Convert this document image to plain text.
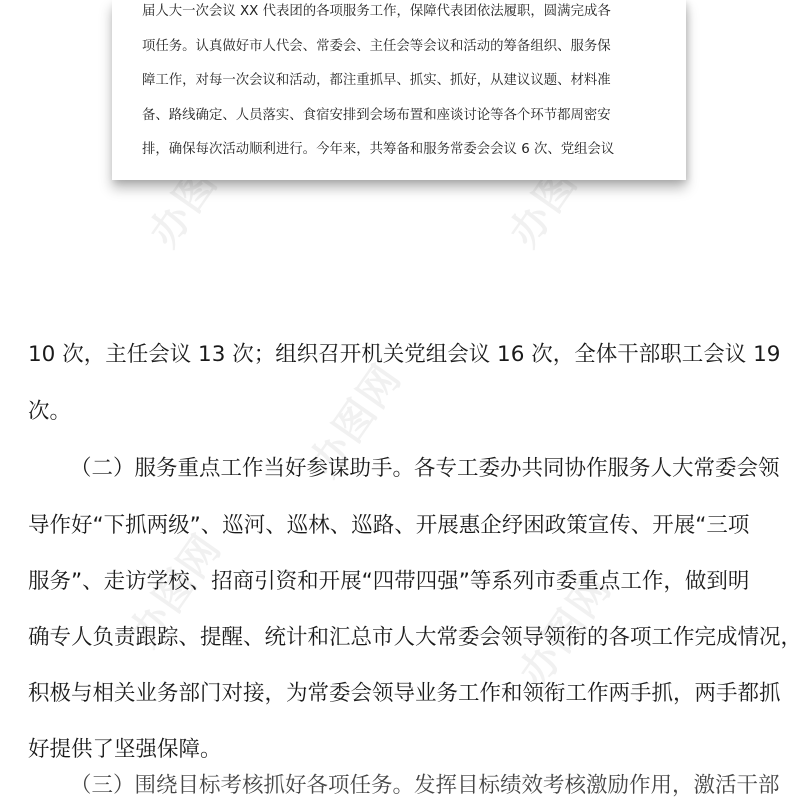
办图网	办图网
办图网
办图网	办图网

届人大一次会议 XX 代表团的各项服务工作，保障代表团依法履职，圆满完成各

项任务。认真做好市人代会、常委会、主任会等会议和活动的筹备组织、服务保

障工作，对每一次会议和活动，都注重抓早、抓实、抓好，从建议议题、材料准

备、路线确定、人员落实、食宿安排到会场布置和座谈讨论等各个环节都周密安

排，确保每次活动顺利进行。今年来，共筹备和服务常委会会议 6 次、党组会议

10 次，主任会议 13 次；组织召开机关党组会议 16 次，全体干部职工会议 19

次。

（二）服务重点工作当好参谋助手。各专工委办共同协作服务人大常委会领

导作好“下抓两级”、巡河、巡林、巡路、开展惠企纾困政策宣传、开展“三项

服务”、走访学校、招商引资和开展“四带四强”等系列市委重点工作，做到明

确专人负责跟踪、提醒、统计和汇总市人大常委会领导领衔的各项工作完成情况，

积极与相关业务部门对接，为常委会领导业务工作和领衔工作两手抓，两手都抓

好提供了坚强保障。

（三）围绕目标考核抓好各项任务。发挥目标绩效考核激励作用，激活干部
